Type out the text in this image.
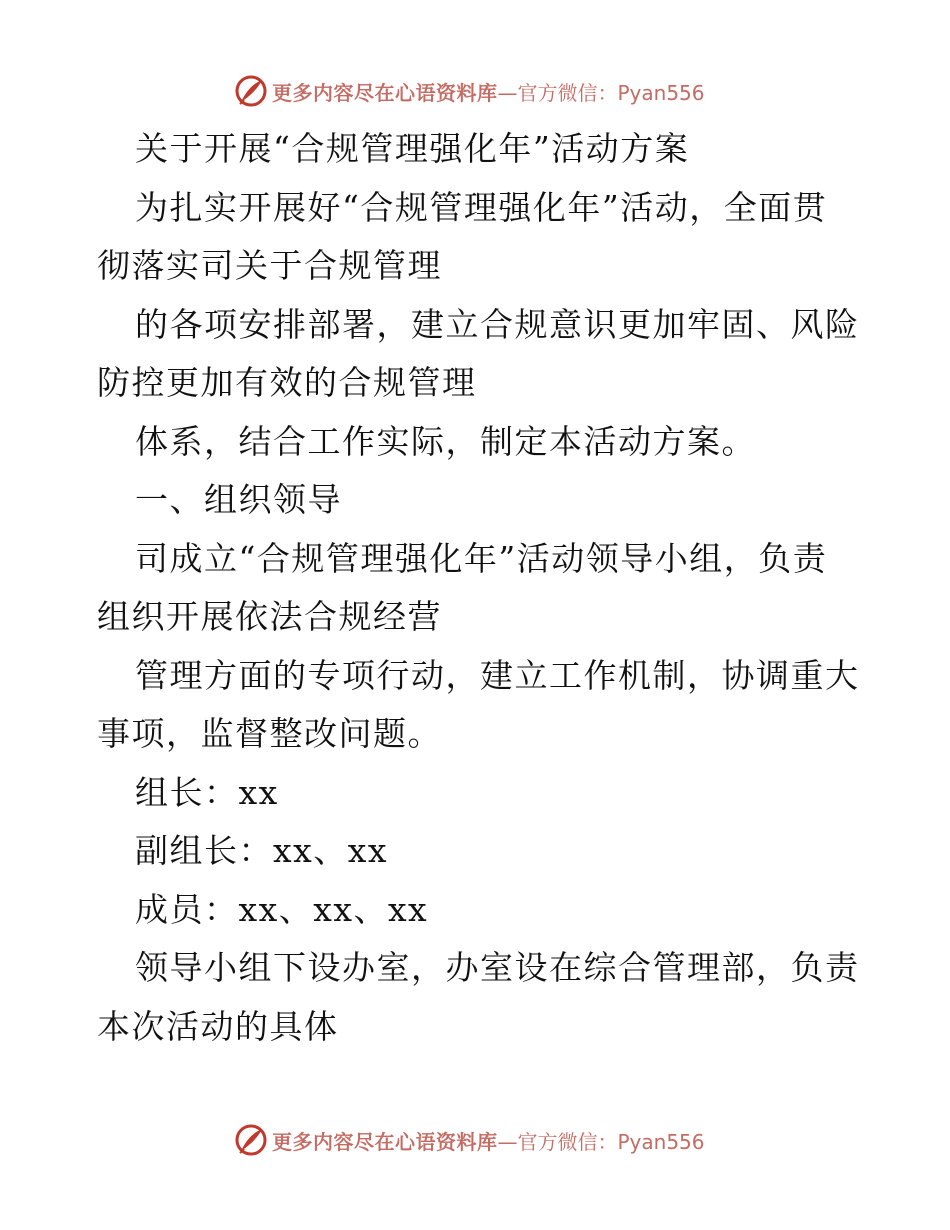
更多内容尽在心语资料库 —官方微信：Pyan556
关于开展“合规管理强化年”活动方案
为扎实开展好“合规管理强化年”活动，全面贯
彻落实司关于合规管理
的各项安排部署，建立合规意识更加牢固、风险
防控更加有效的合规管理
体系，结合工作实际，制定本活动方案。
一、组织领导
司成立“合规管理强化年”活动领导小组，负责
组织开展依法合规经营
管理方面的专项行动，建立工作机制，协调重大
事项，监督整改问题。
组长：xx
副组长：xx、xx
成员：xx、xx、xx
领导小组下设办室，办室设在综合管理部，负责
本次活动的具体
更多内容尽在心语资料库 —官方微信：Pyan556
